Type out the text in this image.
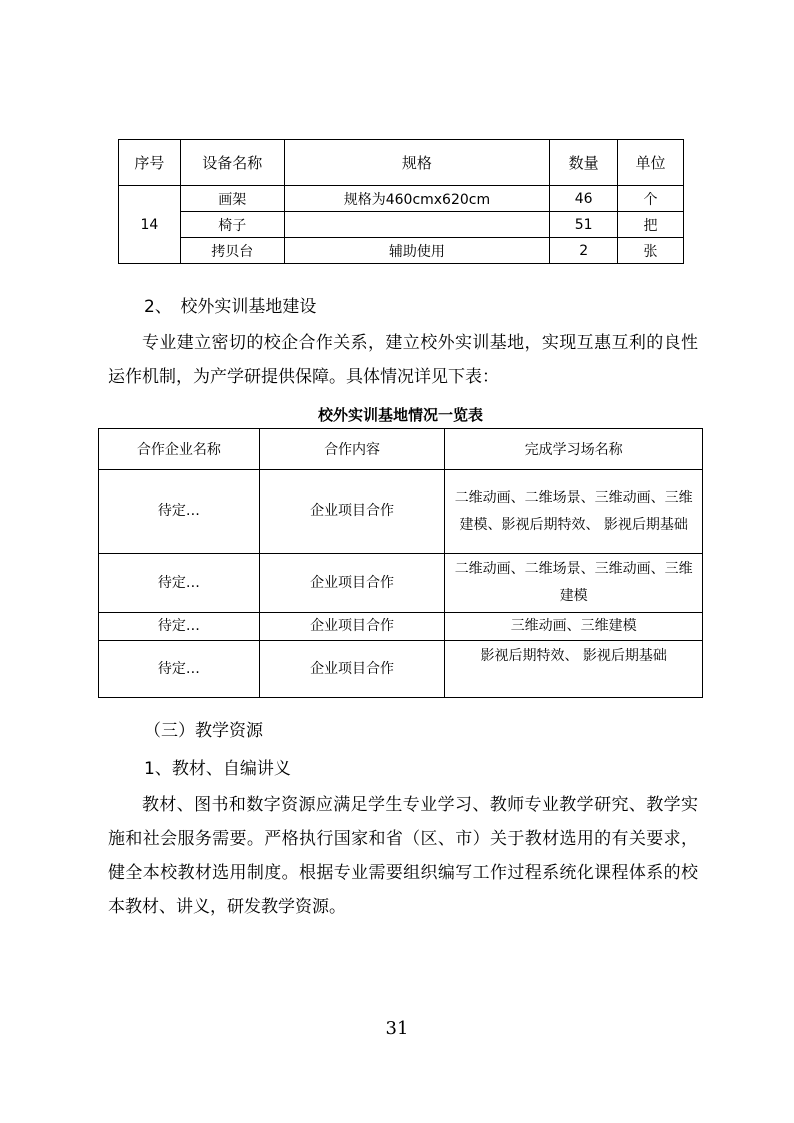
序号	设备名称	规格	数量	单位
14	画架	规格为460cmx620cm	46	个
	椅子		51	把
	拷贝台	辅助使用	2	张
2、　校外实训基地建设
专业建立密切的校企合作关系，建立校外实训基地，实现互惠互利的良性运作机制，为产学研提供保障。具体情况详见下表：
校外实训基地情况一览表
合作企业名称	合作内容	完成学习场名称
待定…	企业项目合作	二维动画、二维场景、三维动画、三维建模、影视后期特效、 影视后期基础
待定…	企业项目合作	二维动画、二维场景、三维动画、三维建模
待定…	企业项目合作	三维动画、三维建模
待定…	企业项目合作	影视后期特效、 影视后期基础
（三）教学资源
1、教材、自编讲义
教材、图书和数字资源应满足学生专业学习、教师专业教学研究、教学实施和社会服务需要。严格执行国家和省（区、市）关于教材选用的有关要求，健全本校教材选用制度。根据专业需要组织编写工作过程系统化课程体系的校本教材、讲义，研发教学资源。
31
